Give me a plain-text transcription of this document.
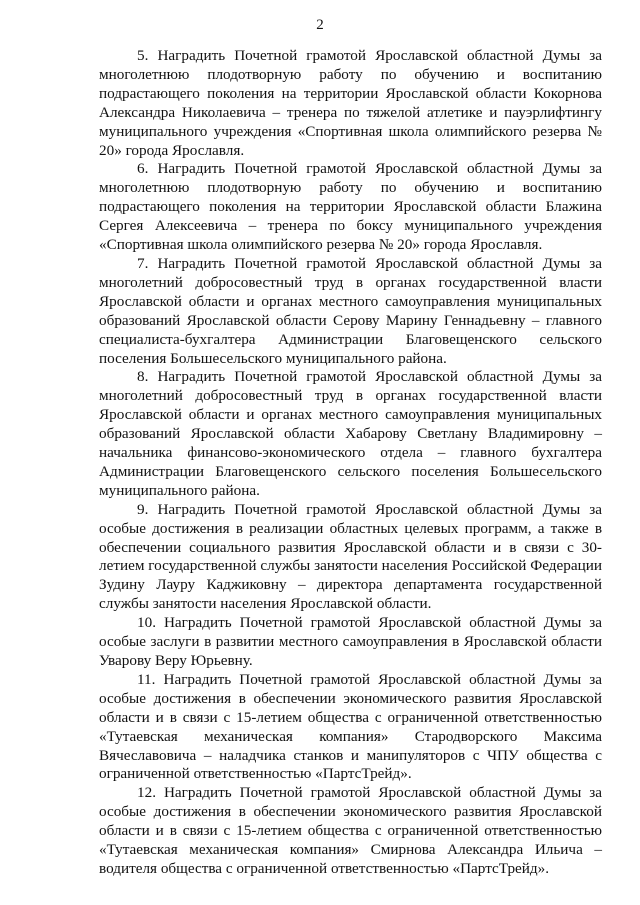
2

5. Наградить Почетной грамотой Ярославской областной Думы за многолетнюю плодотворную работу по обучению и воспитанию подрастающего поколения на территории Ярославской области Кокорнова Александра Николаевича – тренера по тяжелой атлетике и пауэрлифтингу муниципального учреждения «Спортивная школа олимпийского резерва № 20» города Ярославля.

6. Наградить Почетной грамотой Ярославской областной Думы за многолетнюю плодотворную работу по обучению и воспитанию подрастающего поколения на территории Ярославской области Блажина Сергея Алексеевича – тренера по боксу муниципального учреждения «Спортивная школа олимпийского резерва № 20» города Ярославля.

7. Наградить Почетной грамотой Ярославской областной Думы за многолетний добросовестный труд в органах государственной власти Ярославской области и органах местного самоуправления муниципальных образований Ярославской области Серову Марину Геннадьевну – главного специалиста-бухгалтера Администрации Благовещенского сельского поселения Большесельского муниципального района.

8. Наградить Почетной грамотой Ярославской областной Думы за многолетний добросовестный труд в органах государственной власти Ярославской области и органах местного самоуправления муниципальных образований Ярославской области Хабарову Светлану Владимировну – начальника финансово-экономического отдела – главного бухгалтера Администрации Благовещенского сельского поселения Большесельского муниципального района.

9. Наградить Почетной грамотой Ярославской областной Думы за особые достижения в реализации областных целевых программ, а также в обеспечении социального развития Ярославской области и в связи с 30-летием государственной службы занятости населения Российской Федерации Зудину Лауру Каджиковну – директора департамента государственной службы занятости населения Ярославской области.

10. Наградить Почетной грамотой Ярославской областной Думы за особые заслуги в развитии местного самоуправления в Ярославской области Уварову Веру Юрьевну.

11. Наградить Почетной грамотой Ярославской областной Думы за особые достижения в обеспечении экономического развития Ярославской области и в связи с 15-летием общества с ограниченной ответственностью «Тутаевская механическая компания» Стародворского Максима Вячеславовича – наладчика станков и манипуляторов с ЧПУ общества с ограниченной ответственностью «ПартсТрейд».

12. Наградить Почетной грамотой Ярославской областной Думы за особые достижения в обеспечении экономического развития Ярославской области и в связи с 15-летием общества с ограниченной ответственностью «Тутаевская механическая компания» Смирнова Александра Ильича – водителя общества с ограниченной ответственностью «ПартсТрейд».
